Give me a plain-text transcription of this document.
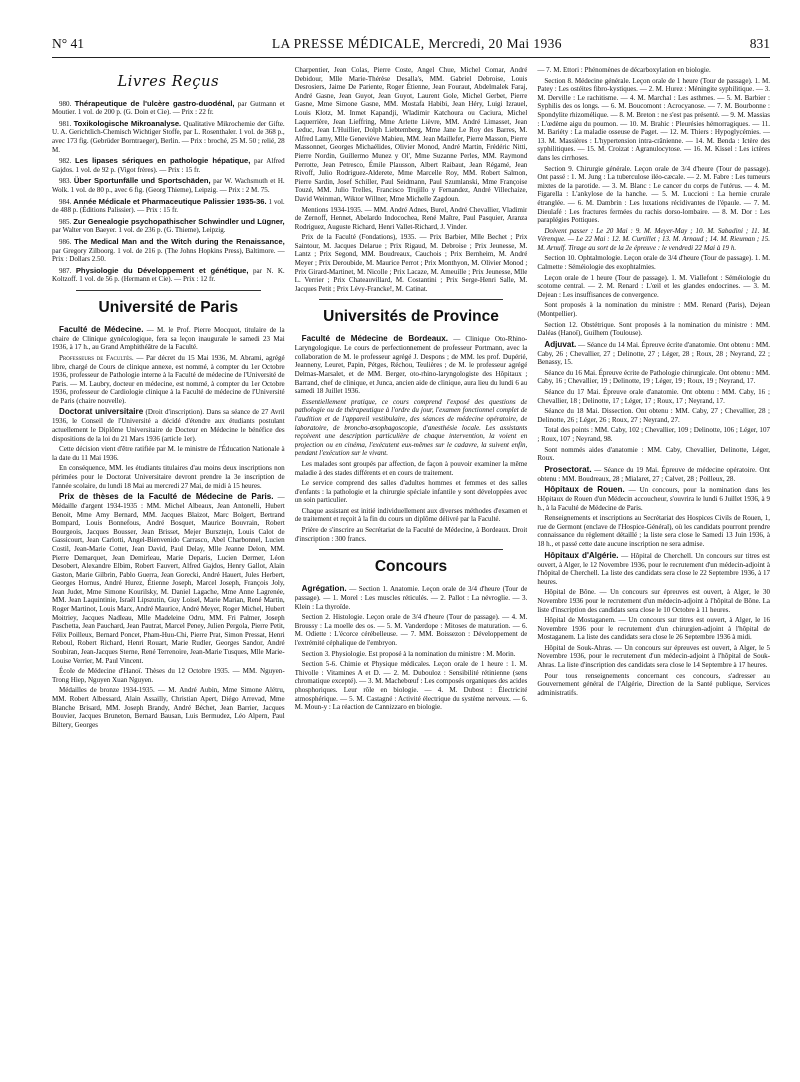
N° 41	LA PRESSE MÉDICALE, Mercredi, 20 Mai 1936	831
Livres Reçus

980. Thérapeutique de l'ulcère gastro-duodénal, par Gutmann et Moutier. 1 vol. de 200 p. (G. Doin et Cie). — Prix : 22 fr.

981. Toxikologische Mikroanalyse. Qualitative Mikrochemie der Gifte. U. A. Gerichtlich-Chemisch Wichtiger Stoffe, par L. Rosenthaler. 1 vol. de 368 p., avec 173 fig. (Gebrüder Borntraeger), Berlin. — Prix : broché, 25 M. 50 ; relié, 28 M.

982. Les lipases sériques en pathologie hépatique, par Alfred Gajdos. 1 vol. de 92 p. (Vigot frères). — Prix : 15 fr.

983. Über Sportunfälle und Sportschäden, par W. Wachsmuth et H. Wolk. 1 vol. de 80 p., avec 6 fig. (Georg Thieme), Leipzig. — Prix : 2 M. 75.

984. Année Médicale et Pharmaceutique Palissier 1935-36. 1 vol. de 488 p. (Éditions Palissier). — Prix : 15 fr.

985. Zur Genealogie psychopathischer Schwindler und Lügner, par Walter von Baeyer. 1 vol. de 236 p. (G. Thieme), Leipzig.

986. The Medical Man and the Witch during the Renaissance, par Gregory Zilboorg. 1 vol. de 216 p. (The Johns Hopkins Press), Baltimore. — Prix : Dollars 2.50.

987. Physiologie du Développement et génétique, par N. K. Koltzoff. 1 vol. de 56 p. (Hermann et Cie). — Prix : 12 fr.

Université de Paris

Faculté de Médecine. — M. le Prof. Pierre Mocquot, titulaire de la chaire de Clinique gynécologique, fera sa leçon inaugurale le samedi 23 Mai 1936, à 17 h., au Grand Amphithéâtre de la Faculté.

Professeurs de Facultés. — Par décret du 15 Mai 1936, M. Abrami, agrégé libre, chargé de Cours de clinique annexe, est nommé, à compter du 1er Octobre 1936, professeur de Pathologie interne à la Faculté de médecine de l'Université de Paris. — M. Laubry, docteur en médecine, est nommé, à compter du 1er Octobre 1936, professeur de Cardiologie clinique à la Faculté de médecine de l'Université de Paris (chaire nouvelle).

Doctorat universitaire (Droit d'inscription). Dans sa séance de 27 Avril 1936, le Conseil de l'Université a décidé d'étendre aux étudiants postulant actuellement le Diplôme Universitaire de Docteur en Médecine le bénéfice des dispositions de la loi du 21 Mars 1936 (article 1er).

Cette décision vient d'être ratifiée par M. le ministre de l'Éducation Nationale à la date du 11 Mai 1936.

En conséquence, MM. les étudiants titulaires d'au moins deux inscriptions non périmées pour le Doctorat Universitaire devront prendre la 3e inscription de l'année scolaire, du lundi 18 Mai au mercredi 27 Mai, de midi à 15 heures.

Prix de thèses de la Faculté de Médecine de Paris. — Médaille d'argent 1934-1935 : MM. Michel Albeaux, Jean Antonelli, Hubert Benoit, Mme Amy Bernard, MM. Jacques Blaizot, Marc Bolgert, Bertrand Bompard, Louis Bonnefous, André Bosquet, Maurice Bouvrain, Robert Bourgeois, Jacques Bousser, Jean Brisset, Mejer Bursztejn, Louis Calot de Gassicourt, Jean Carlotti, Angel-Bienvenido Carrasco, Abel Charbonnel, Lucien Costil, Jean-Marie Cottet, Jean David, Paul Delay, Mlle Jeanne Delon, MM. Pierre Demarquet, Jean Demirleau, Marie Deparis, Lucien Dermer, Léon Desobert, Alexandre Elbim, Robert Fauvert, Alfred Gajdos, Henry Gallot, Alain Gaston, Marie Gilbrin, Pablo Guerra, Jean Gorecki, André Hauert, Jules Herbert, Georges Hornus, André Hurez, Étienne Joseph, Marcel Joseph, François Joly, Jean Judet, Mme Simone Kourilsky, M. Daniel Lagache, Mme Anne Lagrenée, MM. Jean Laquintinie, Israël Lipszutin, Guy Loisel, Marie Marian, René Martin, Roger Martinot, Louis Marx, André Maurice, André Meyer, Roger Michel, Hubert Moitriey, Jacques Nadleau, Mlle Madeleine Odru, MM. Fri Palmer, Joseph Paschetta, Jean Pauchard, Jean Pautrat, Marcel Peney, Julien Pergola, Pierre Petit, Félix Poilleux, Bernard Poncet, Pham-Huu-Chi, Pierre Prat, Simon Pressat, Henri Reboul, Robert Richard, Henri Rouart, Marie Rudler, Georges Sandor, André Soubiran, Jean-Jacques Sterne, René Terrenoire, Jean-Marie Tusques, Mlle Marie-Louise Verrier, M. Paul Vincent.

École de Médecine d'Hanoï. Thèses du 12 Octobre 1935. — MM. Nguyen-Trong Hiep, Nguyen Xuan Nguyen.

Médailles de bronze 1934-1935. — M. André Aubin, Mme Simone Alétru, MM. Robert Albessard, Alain Assailly, Christian Apert, Diégo Arrevad, Mme Blanche Brisard, MM. Joseph Brandy, André Béchet, Jean Barrier, Jacques Bouvier, Jacques Bruneton, Bernard Bausan, Luis Bermudez, Léo Alpern, Paul Biltery, Georges

Charpentier, Jean Colas, Pierre Coste, Angel Chue, Michel Comar, André Debidour, Mlle Marie-Thérèse Desalla's, MM. Gabriel Debroise, Louis Desrosiers, Jaime De Pariente, Roger Étienne, Jean Fouraut, Abdelmalek Faraj, André Gasne, Jean Guyot, Jean Guyot, Laurent Gole, Michel Gerbet, Pierre Gasne, Mme Simone Gasne, MM. Mostafa Habibi, Jean Héry, Luigi Izrauel, Louis Klotz, M. Inmet Kapandji, Wladimir Katchoura ou Caciura, Michel Laquerrière, Jean Lieffring, Mme Arlette Lièvre, MM. André Limasset, Jean Leduc, Jean L'Huillier, Dolph Liebtemberg, Mme Jane Le Roy des Barres, M. Alfred Lamy, Mlle Geneviève Mabieu, MM. Jean Maillefer, Pierre Masson, Pierre Massonnet, Georges Michaélides, Olivier Monod, André Martin, Frédéric Nitti, Pierre Nordin, Guillermo Munez y Ol', Mme Suzanne Perles, MM. Raymond Perrotte, Jean Petresco, Émile Plausson, Albert Raibaut, Jean Régamé, Jean Rivoff, Julio Rodriguez-Alderete, Mme Marcelle Roy, MM. Robert Salmon, Pierre Sardin, Josef Schiller, Paul Seidmann, Paul Szumlanski, Mme Françoise Touzé, MM. Julio Trelles, Francisco Trujillo y Fernandez, André Villechaize, David Weinman, Wiktor Willner, Mme Michelle Zagdoun.

Mentions 1934-1935. — MM. André Adnes, Burel, André Chevallier, Vladimir de Zernoff, Hennet, Abelardo Indocochea, René Maître, Paul Pasquier, Aranza Rodriguez, Auguste Richard, Henri Vallet-Richard, J. Vinder.

Prix de la Faculté (Fondations), 1935. — Prix Barbier, Mlle Bechet ; Prix Saintour, M. Jacques Delarue ; Prix Rigaud, M. Debroise ; Prix Jeunesse, M. Lantz ; Prix Segond, MM. Boudreaux, Cauchois ; Prix Bernheim, M. André Meyer ; Prix Deroubide, M. Maurice Perrot ; Prix Monthyon, M. Olivier Monod ; Prix Girard-Martinet, M. Nicolle ; Prix Lacaze, M. Ameuille ; Prix Jeunesse, Mlle L. Verrier ; Prix Chateauvillard, M. Costantini ; Prix Serge-Henri Salle, M. Jacques Petit ; Prix Lévy-Francke!, M. Catinat.

Universités de Province

Faculté de Médecine de Bordeaux. — Clinique Oto-Rhino-Laryngologique. Le cours de perfectionnement de professeur Portmann, avec la collaboration de M. le professeur agrégé J. Despons ; de MM. les prof. Dupérié, Jeanneny, Leuret, Papin, Pétges, Réchou, Teulières ; de M. le professeur agrégé Delmas-Marsalet, et de MM. Berger, oto-rhino-laryngologiste des Hôpitaux ; Barrand, chef de clinique, et Junca, ancien aide de clinique, aura lieu du lundi 6 au samedi 18 Juillet 1936.

Essentiellement pratique, ce cours comprend l'exposé des questions de pathologie ou de thérapeutique à l'ordre du jour, l'examen fonctionnel complet de l'audition et de l'appareil vestibulaire, des séances de médecine opératoire, de laboratoire, de broncho-œsophagoscopie, d'anesthésie locale. Les assistants reçoivent une description particulière de chaque intervention, la voient en projection ou en cinéma, l'exécutent eux-mêmes sur le cadavre, la suivent enfin, pendant l'exécution sur le vivant.

Les malades sont groupés par affection, de façon à pouvoir examiner la même maladie à des stades différents et en cours de traitement.

Le service comprend des salles d'adultes hommes et femmes et des salles d'enfants : la pathologie et la chirurgie spéciale infantile y sont développées avec un soin particulier.

Chaque assistant est initié individuellement aux diverses méthodes d'examen et de traitement et reçoit à la fin du cours un diplôme délivré par la Faculté.

Prière de s'inscrire au Secrétariat de la Faculté de Médecine, à Bordeaux. Droit d'inscription : 300 francs.

Concours

Agrégation. — Section 1. Anatomie. Leçon orale de 3/4 d'heure (Tour de passage). — 1. Morel : Les muscles réticulés. — 2. Pallot : La névroglie. — 3. Klein : La thyroïde.

Section 2. Histologie. Leçon orale de 3/4 d'heure (Tour de passage). — 4. M. Broussy : La moelle des os. — 5. M. Vanderdope : Mitoses de maturation. — 6. M. Odiette : L'écorce cérébelleuse. — 7. MM. Boissezon : Développement de l'extrémité céphalique de l'embryon.

Section 3. Physiologie. Est proposé à la nomination du ministre : M. Morin.

Section 5-6. Chimie et Physique médicales. Leçon orale de 1 heure : 1. M. Thivolle : Vitamines A et D. — 2. M. Dubouloz : Sensibilité rétinienne (sens chromatique excepté). — 3. M. Machebœuf : Les composés organiques des acides phosphoriques. Leur rôle en biologie. — 4. M. Dubost : Électricité atmosphérique. — 5. M. Castagné : Activité électrique du système nerveux. — 6. M. Moun-y : La réaction de Cannizzaro en biologie.

— 7. M. Ettori : Phénomènes de décarboxylation en biologie.

Section 8. Médecine générale. Leçon orale de 1 heure (Tour de passage). 1. M. Patey : Les ostéites fibro-kystiques. — 2. M. Hurez : Méningite syphilitique. — 3. M. Derville : Le rachitisme. — 4. M. Marchal : Les asthmes. — 5. M. Barbier : Syphilis des os longs. — 6. M. Boucomont : Acrocyanose. — 7. M. Bourbonne : Spondylite rhizomélique. — 8. M. Breton : ne s'est pas présenté. — 9. M. Massias : L'œdème aigu du poumon. — 10. M. Brahic : Pleurésies hémorragiques. — 11. M. Bariéty : La maladie osseuse de Paget. — 12. M. Thiers : Hypoglycémies. — 13. M. Massières : L'hypertension intra-crânienne. — 14. M. Benda : Ictère des syphilitiques. — 15. M. Croizat : Agranulocytose. — 16. M. Kissel : Les ictères dans les cirrhoses.

Section 9. Chirurgie générale. Leçon orale de 3/4 d'heure (Tour de passage). Ont passé : 1. M. Jung : La tuberculose iléo-cæcale. — 2. M. Fabre : Les tumeurs mixtes de la parotide. — 3. M. Blanc : Le cancer du corps de l'utérus. — 4. M. Figarella : L'ankylose de la hanche. — 5. M. Luccioni : La hernie crurale étranglée. — 6. M. Dambrin : Les luxations récidivantes de l'épaule. — 7. M. Dieulafé : Les fractures fermées du rachis dorso-lombaire. — 8. M. Dor : Les paraplégies Pottiques.

Doivent passer : Le 20 Mai : 9. M. Meyer-May ; 10. M. Sabadini ; 11. M. Vérenque. — Le 22 Mai : 12. M. Curtillet ; 13. M. Arnaud ; 14. M. Rieuman ; 15. M. Arnulf. Tirage au sort de la 2e épreuve : le vendredi 22 Mai à 19 h.

Section 10. Ophtalmologie. Leçon orale de 3/4 d'heure (Tour de passage). 1. M. Calmette : Séméiologie des exophtalmies.

Leçon orale de 1 heure (Tour de passage). 1. M. Viallefont : Séméiologie du scotome central. — 2. M. Renard : L'œil et les glandes endocrines. — 3. M. Dejean : Les insuffisances de convergence.

Sont proposés à la nomination du ministre : MM. Renard (Paris), Dejean (Montpellier).

Section 12. Obstétrique. Sont proposés à la nomination du ministre : MM. Daléas (Hanoï), Guilhem (Toulouse).

Adjuvat. — Séance du 14 Mai. Épreuve écrite d'anatomie. Ont obtenu : MM. Caby, 26 ; Chevallier, 27 ; Delinotte, 27 ; Léger, 28 ; Roux, 28 ; Neyrand, 22 ; Benassy, 15.

Séance du 16 Mai. Épreuve écrite de Pathologie chirurgicale. Ont obtenu : MM. Caby, 16 ; Chevallier, 19 ; Delinotte, 19 ; Léger, 19 ; Roux, 19 ; Neyrand, 17.

Séance du 17 Mai. Épreuve orale d'anatomie. Ont obtenu : MM. Caby, 16 ; Chevallier, 18 ; Delinotte, 17 ; Léger, 17 ; Roux, 17 ; Neyrand, 17.

Séance du 18 Mai. Dissection. Ont obtenu : MM. Caby, 27 ; Chevallier, 28 ; Delinotte, 26 ; Léger, 26 ; Roux, 27 ; Neyrand, 27.

Total des points : MM. Caby, 102 ; Chevallier, 109 ; Delinotte, 106 ; Léger, 107 ; Roux, 107 ; Neyrand, 98.

Sont nommés aides d'anatomie : MM. Caby, Chevallier, Delinotte, Léger, Roux.

Prosectorat. — Séance du 19 Mai. Épreuve de médecine opératoire. Ont obtenu : MM. Boudreaux, 28 ; Mialaret, 27 ; Calvet, 28 ; Poilleux, 28.

Hôpitaux de Rouen. — Un concours, pour la nomination dans les Hôpitaux de Rouen d'un Médecin accoucheur, s'ouvrira le lundi 6 Juillet 1936, à 9 h., à la Faculté de Médecine de Paris.

Renseignements et inscriptions au Secrétariat des Hospices Civils de Rouen, 1, rue de Germont (enclave de l'Hospice-Général), où les candidats pourront prendre connaissance du règlement détaillé ; la liste sera close le Samedi 13 Juin 1936, à 18 h., et passé cette date aucune inscription ne sera admise.

Hôpitaux d'Algérie. — Hôpital de Cherchell. Un concours sur titres est ouvert, à Alger, le 12 Novembre 1936, pour le recrutement d'un médecin-adjoint à l'hôpital de Cherchell. La liste des candidats sera close le 22 Septembre 1936, à 17 heures.

Hôpital de Bône. — Un concours sur épreuves est ouvert, à Alger, le 30 Novembre 1936 pour le recrutement d'un médecin-adjoint à l'hôpital de Bône. La liste d'inscription des candidats sera close le 10 Octobre à 11 heures.

Hôpital de Mostaganem. — Un concours sur titres est ouvert, à Alger, le 16 Novembre 1936 pour le recrutement d'un chirurgien-adjoint à l'hôpital de Mostaganem. La liste des candidats sera close le 26 Septembre 1936 à midi.

Hôpital de Souk-Ahras. — Un concours sur épreuves est ouvert, à Alger, le 5 Novembre 1936, pour le recrutement d'un médecin-adjoint à l'hôpital de Souk-Ahras. La liste d'inscription des candidats sera close le 14 Septembre à 17 heures.

Pour tous renseignements concernant ces concours, s'adresser au Gouvernement général de l'Algérie, Direction de la Santé publique, Services administratifs.
